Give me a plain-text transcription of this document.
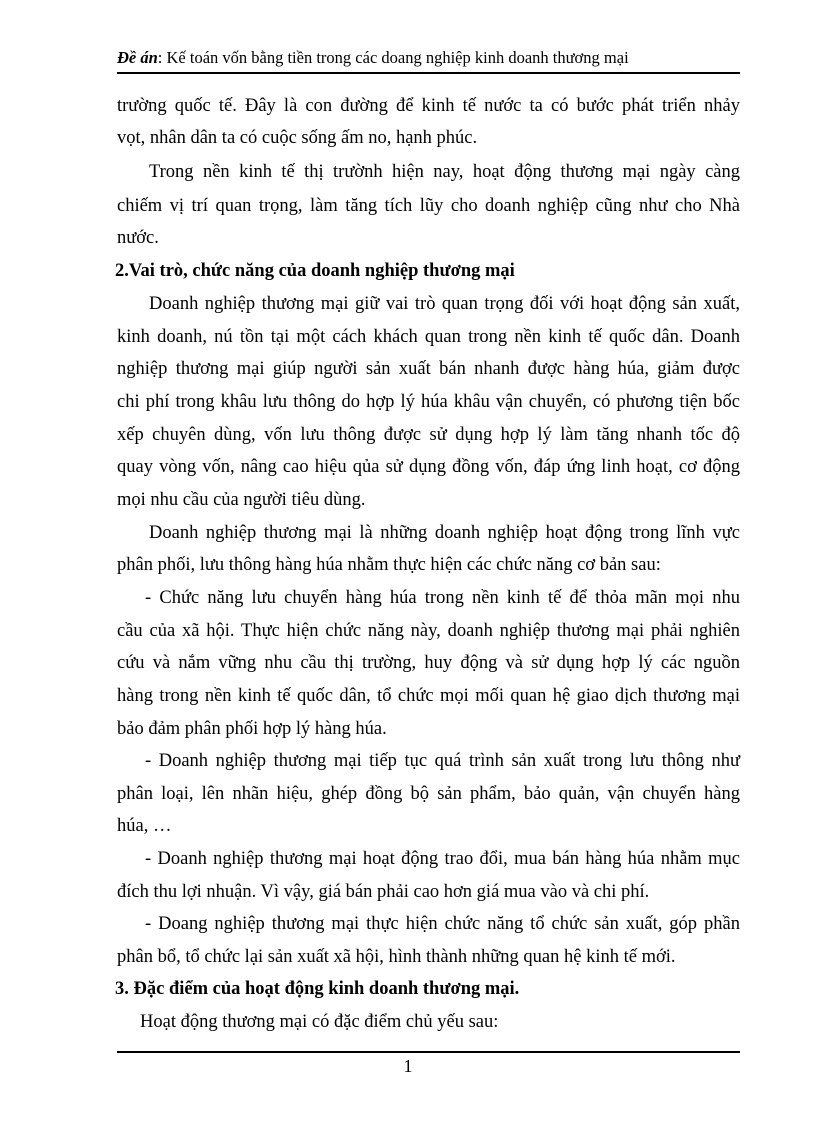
Đề án: Kế toán vốn bằng tiền trong các doang nghiệp kinh doanh thương mại
trường quốc tế. Đây là con đường để kinh tế nước ta có bước phát triển nhảy
vọt, nhân dân ta có cuộc sống ấm no, hạnh phúc.
Trong nền kinh tế thị trườnh hiện nay, hoạt động thương mại ngày càng
chiếm vị trí quan trọng, làm tăng tích lũy cho doanh nghiệp cũng như cho Nhà
nước.
2.Vai trò, chức năng của doanh nghiệp thương mại
Doanh nghiệp thương mại giữ vai trò quan trọng đối với hoạt động sản xuất,
kinh doanh, nú tồn tại một cách khách quan trong nền kinh tế quốc dân. Doanh
nghiệp thương mại giúp người sản xuất bán nhanh được hàng húa, giảm được
chi phí trong khâu lưu thông do hợp lý húa khâu vận chuyển, có phương tiện bốc
xếp chuyên dùng, vốn lưu thông được sử dụng hợp lý làm tăng nhanh tốc độ
quay vòng vốn, nâng cao hiệu qủa sử dụng đồng vốn, đáp ứng linh hoạt, cơ động
mọi nhu cầu của người tiêu dùng.
Doanh nghiệp thương mại là những doanh nghiệp hoạt động trong lĩnh vực
phân phối, lưu thông hàng húa nhằm thực hiện các chức năng cơ bản sau:
- Chức năng lưu chuyển hàng húa trong nền kinh tế để thỏa mãn mọi nhu
cầu của xã hội. Thực hiện chức năng này, doanh nghiệp thương mại phải nghiên
cứu và nắm vững nhu cầu thị trường, huy động và sử dụng hợp lý các nguồn
hàng trong nền kinh tế quốc dân, tổ chức mọi mối quan hệ giao dịch thương mại
bảo đảm phân phối hợp lý hàng húa.
- Doanh nghiệp thương mại tiếp tục quá trình sản xuất trong lưu thông như
phân loại, lên nhãn hiệu, ghép đồng bộ sản phẩm, bảo quản, vận chuyển hàng
húa, …
- Doanh nghiệp thương mại hoạt động trao đổi, mua bán hàng húa nhằm mục
đích thu lợi nhuận. Vì vậy, giá bán phải cao hơn giá mua vào và chi phí.
- Doang nghiệp thương mại thực hiện chức năng tổ chức sản xuất, góp phần
phân bổ, tổ chức lại sản xuất xã hội, hình thành những quan hệ kinh tế mới.
3. Đặc điểm của hoạt động kinh doanh thương mại.
Hoạt động thương mại có đặc điểm chủ yếu sau:
1
